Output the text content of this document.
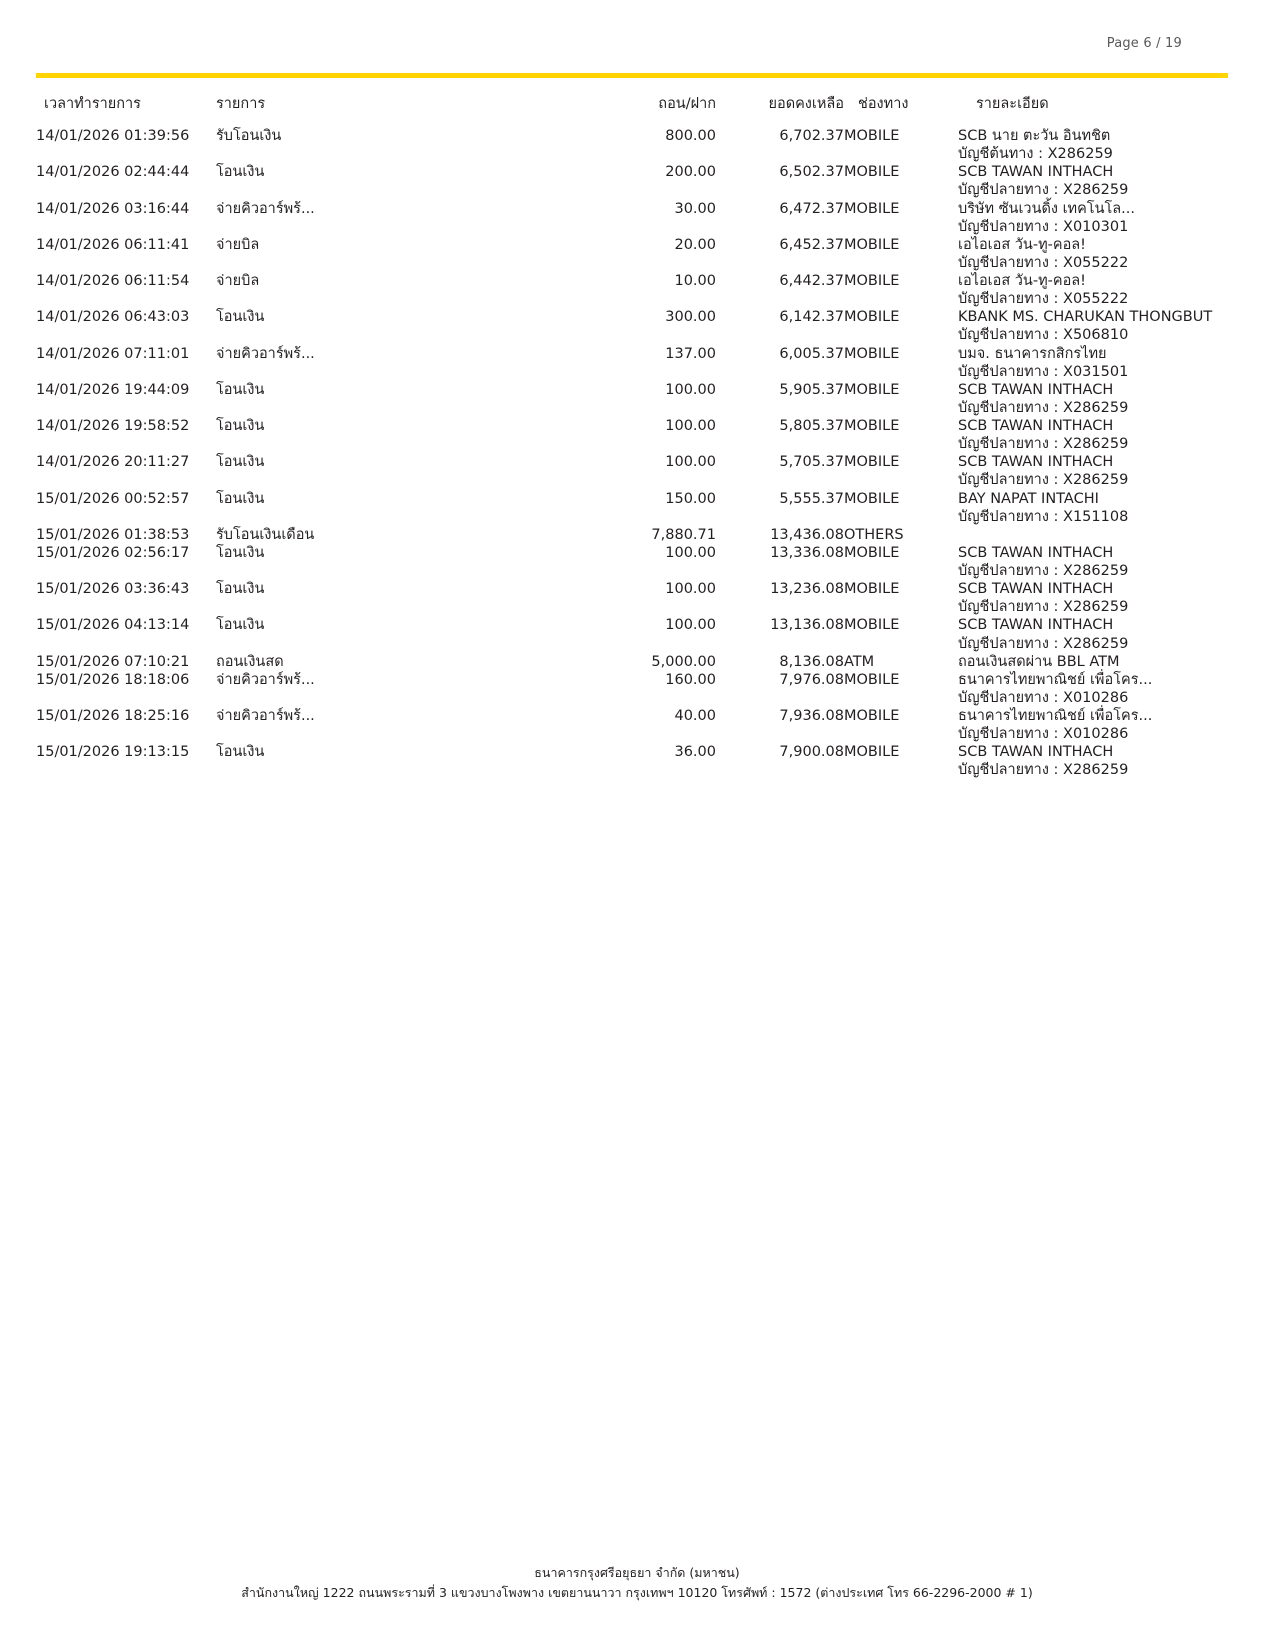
Page 6 / 19
เวลาทำรายการ	รายการ	ถอน/ฝาก	ยอดคงเหลือ	ช่องทาง	รายละเอียด
14/01/2026 01:39:56	รับโอนเงิน	800.00	6,702.37	MOBILE	SCB นาย ตะวัน อินทชิต
					บัญชีต้นทาง : X286259
14/01/2026 02:44:44	โอนเงิน	200.00	6,502.37	MOBILE	SCB TAWAN INTHACH
					บัญชีปลายทาง : X286259
14/01/2026 03:16:44	จ่ายคิวอาร์พร้...	30.00	6,472.37	MOBILE	บริษัท ซันเวนดิ้ง เทคโนโล...
					บัญชีปลายทาง : X010301
14/01/2026 06:11:41	จ่ายบิล	20.00	6,452.37	MOBILE	เอไอเอส วัน-ทู-คอล!
					บัญชีปลายทาง : X055222
14/01/2026 06:11:54	จ่ายบิล	10.00	6,442.37	MOBILE	เอไอเอส วัน-ทู-คอล!
					บัญชีปลายทาง : X055222
14/01/2026 06:43:03	โอนเงิน	300.00	6,142.37	MOBILE	KBANK MS. CHARUKAN THONGBUT
					บัญชีปลายทาง : X506810
14/01/2026 07:11:01	จ่ายคิวอาร์พร้...	137.00	6,005.37	MOBILE	บมจ. ธนาคารกสิกรไทย
					บัญชีปลายทาง : X031501
14/01/2026 19:44:09	โอนเงิน	100.00	5,905.37	MOBILE	SCB TAWAN INTHACH
					บัญชีปลายทาง : X286259
14/01/2026 19:58:52	โอนเงิน	100.00	5,805.37	MOBILE	SCB TAWAN INTHACH
					บัญชีปลายทาง : X286259
14/01/2026 20:11:27	โอนเงิน	100.00	5,705.37	MOBILE	SCB TAWAN INTHACH
					บัญชีปลายทาง : X286259
15/01/2026 00:52:57	โอนเงิน	150.00	5,555.37	MOBILE	BAY NAPAT INTACHI
					บัญชีปลายทาง : X151108
15/01/2026 01:38:53	รับโอนเงินเดือน	7,880.71	13,436.08	OTHERS	
15/01/2026 02:56:17	โอนเงิน	100.00	13,336.08	MOBILE	SCB TAWAN INTHACH
					บัญชีปลายทาง : X286259
15/01/2026 03:36:43	โอนเงิน	100.00	13,236.08	MOBILE	SCB TAWAN INTHACH
					บัญชีปลายทาง : X286259
15/01/2026 04:13:14	โอนเงิน	100.00	13,136.08	MOBILE	SCB TAWAN INTHACH
					บัญชีปลายทาง : X286259
15/01/2026 07:10:21	ถอนเงินสด	5,000.00	8,136.08	ATM	ถอนเงินสดผ่าน BBL ATM
15/01/2026 18:18:06	จ่ายคิวอาร์พร้...	160.00	7,976.08	MOBILE	ธนาคารไทยพาณิชย์ เพื่อโคร...
					บัญชีปลายทาง : X010286
15/01/2026 18:25:16	จ่ายคิวอาร์พร้...	40.00	7,936.08	MOBILE	ธนาคารไทยพาณิชย์ เพื่อโคร...
					บัญชีปลายทาง : X010286
15/01/2026 19:13:15	โอนเงิน	36.00	7,900.08	MOBILE	SCB TAWAN INTHACH
					บัญชีปลายทาง : X286259
ธนาคารกรุงศรีอยุธยา จำกัด (มหาชน)
สำนักงานใหญ่ 1222 ถนนพระรามที่ 3 แขวงบางโพงพาง เขตยานนาวา กรุงเทพฯ 10120 โทรศัพท์ : 1572 (ต่างประเทศ โทร 66-2296-2000 # 1)
